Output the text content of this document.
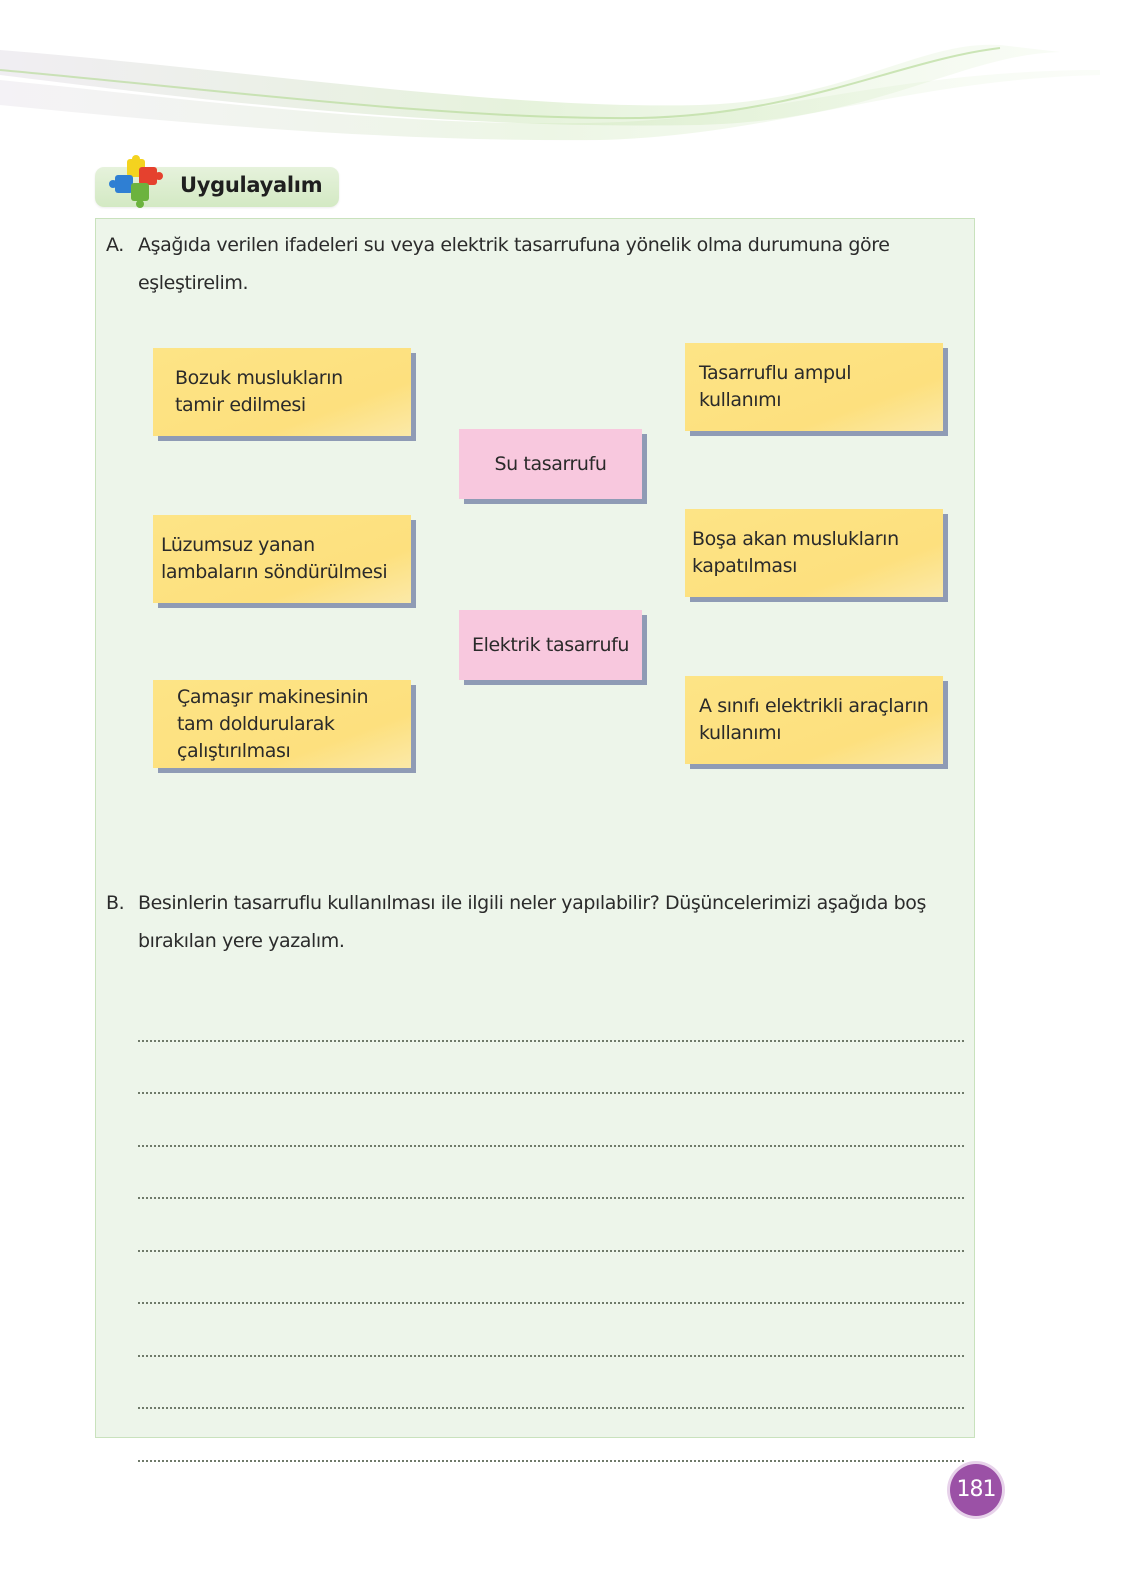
Uygulayalım
A. Aşağıda verilen ifadeleri su veya elektrik tasarrufuna yönelik olma durumuna göre eşleştirelim.
Bozuk muslukların tamir edilmesi
Lüzumsuz yanan lambaların söndürülmesi
Çamaşır makinesinin tam doldurularak çalıştırılması
Su tasarrufu
Elektrik tasarrufu
Tasarruflu ampul kullanımı
Boşa akan muslukların kapatılması
A sınıfı elektrikli araçların kullanımı
B. Besinlerin tasarruflu kullanılması ile ilgili neler yapılabilir? Düşüncelerimizi aşağıda boş bırakılan yere yazalım.
181
